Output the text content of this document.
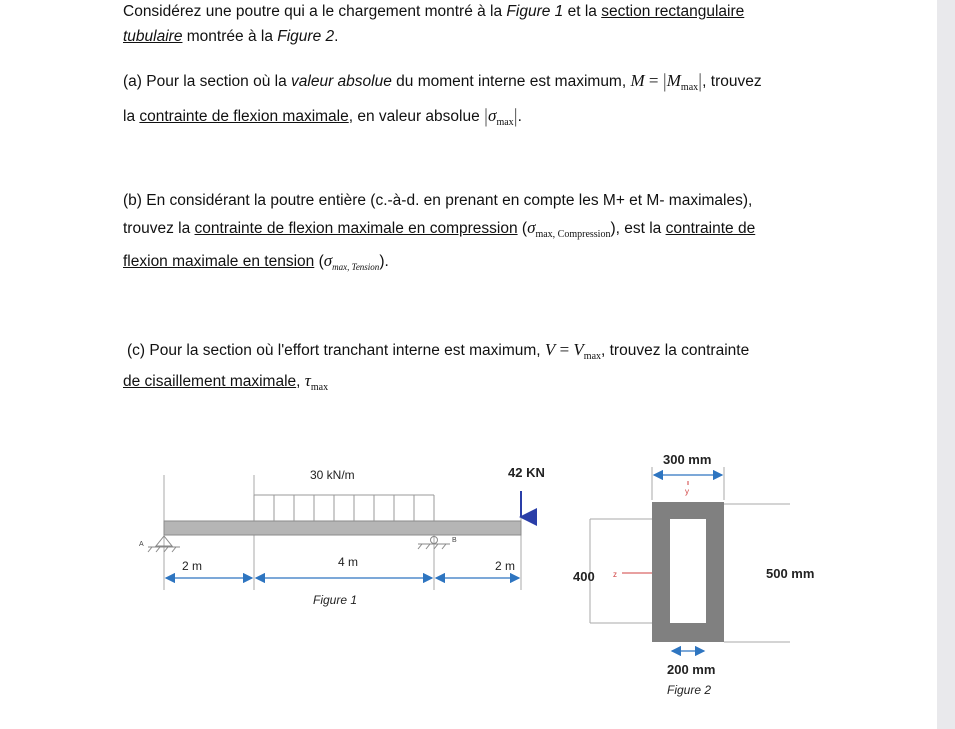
Considérez une poutre qui a le chargement montré à la Figure 1 et la section rectangulaire
tubulaire montrée à la Figure 2.
(a) Pour la section où la valeur absolue du moment interne est maximum, $M = |M_{max}|$, trouvez
la contrainte de flexion maximale, en valeur absolue $|\sigma_{max}|$.
(b) En considérant la poutre entière (c.-à-d. en prenant en compte les M+ et M- maximales),
trouvez la contrainte de flexion maximale en compression $(\sigma_{max, Compression})$, est la contrainte de
flexion maximale en tension $(\sigma_{max, Tension})$.
(c) Pour la section où l'effort tranchant interne est maximum, $V = V_{max}$, trouvez la contrainte
de cisaillement maximale, $\tau_{max}$
30 kN/m	42 KN
A
B
2 m	4 m	2 m
Figure 1
300 mm
y
z
400	500 mm
200 mm
Figure 2
